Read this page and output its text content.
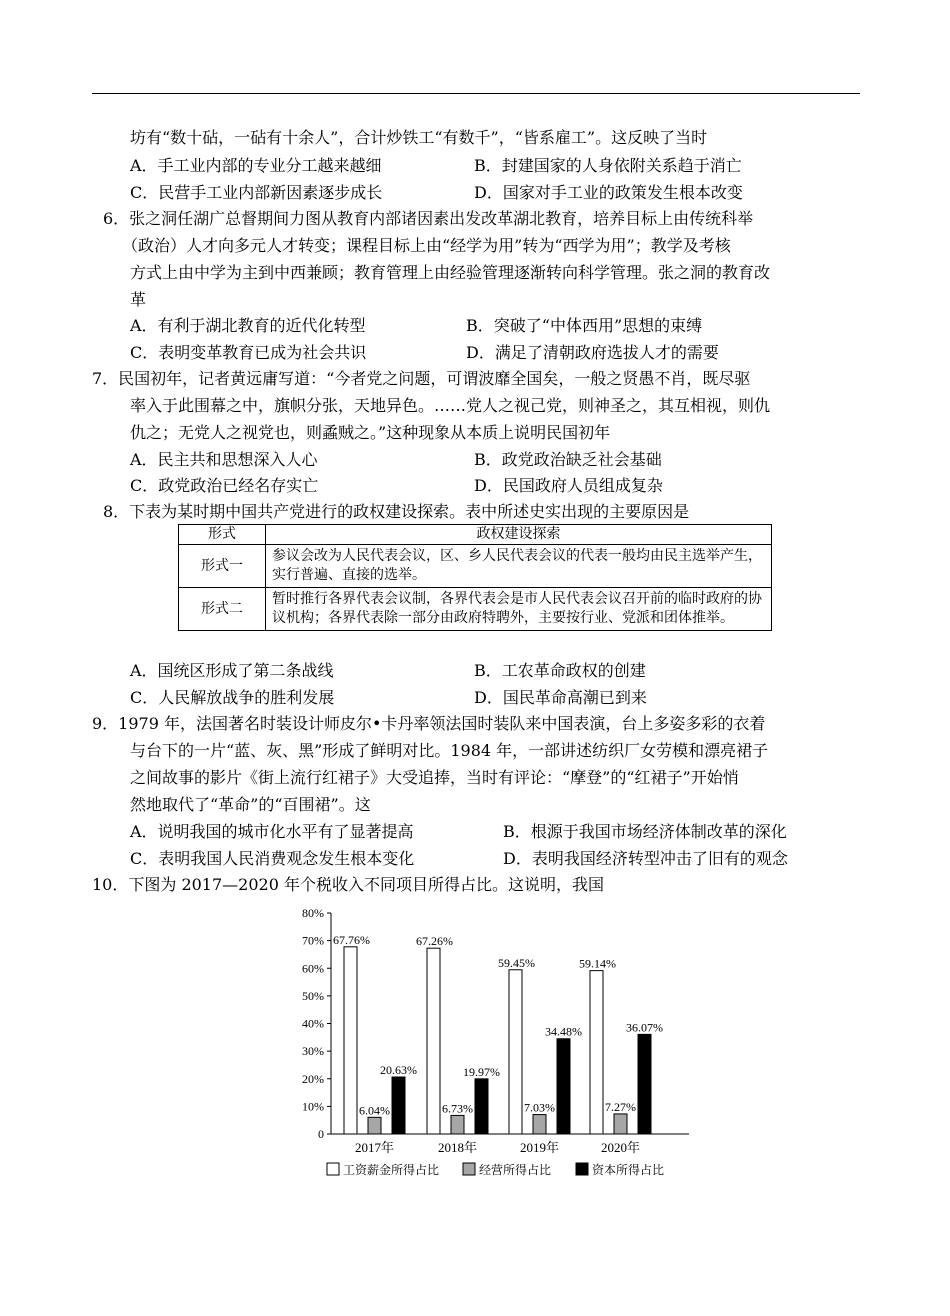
坊有“数十砧，一砧有十余人”，合计炒铁工“有数千”，“皆系雇工”。这反映了当时
A．手工业内部的专业分工越来越细	B．封建国家的人身依附关系趋于消亡
C．民营手工业内部新因素逐步成长	D．国家对手工业的政策发生根本改变
6．张之洞任湖广总督期间力图从教育内部诸因素出发改革湖北教育，培养目标上由传统科举
（政治）人才向多元人才转变；课程目标上由“经学为用”转为“西学为用”；教学及考核
方式上由中学为主到中西兼顾；教育管理上由经验管理逐渐转向科学管理。张之洞的教育改
革
A．有利于湖北教育的近代化转型	B．突破了“中体西用”思想的束缚
C．表明变革教育已成为社会共识	D．满足了清朝政府选拔人才的需要
7．民国初年，记者黄远庸写道：“今者党之问题，可谓波靡全国矣，一般之贤愚不肖，既尽驱
率入于此围幕之中，旗帜分张，天地异色。……党人之视己党，则神圣之，其互相视，则仇
仇之；无党人之视党也，则蟊贼之。”这种现象从本质上说明民国初年
A．民主共和思想深入人心	B．政党政治缺乏社会基础
C．政党政治已经名存实亡	D．民国政府人员组成复杂
8．下表为某时期中国共产党进行的政权建设探索。表中所述史实出现的主要原因是
形式	政权建设探索
形式一	参议会改为人民代表会议，区、乡人民代表会议的代表一般均由民主选举产生，实行普遍、直接的选举。
形式二	暂时推行各界代表会议制，各界代表会是市人民代表会议召开前的临时政府的协议机构；各界代表除一部分由政府特聘外，主要按行业、党派和团体推举。
A．国统区形成了第二条战线	B．工农革命政权的创建
C．人民解放战争的胜利发展	D．国民革命高潮已到来
9．1979 年，法国著名时装设计师皮尔•卡丹率领法国时装队来中国表演，台上多姿多彩的衣着
与台下的一片“蓝、灰、黑”形成了鲜明对比。1984 年，一部讲述纺织厂女劳模和漂亮裙子
之间故事的影片《街上流行红裙子》大受追捧，当时有评论：“摩登”的“红裙子”开始悄
然地取代了“革命”的“百围裙”。这
A．说明我国的城市化水平有了显著提高	B．根源于我国市场经济体制改革的深化
C．表明我国人民消费观念发生根本变化	D．表明我国经济转型冲击了旧有的观念
10．下图为 2017—2020 年个税收入不同项目所得占比。这说明，我国
0
10%
20%
30%
40%
50%
60%
70%
80%
67.76%
6.04%
20.63%
2017年
67.26%
6.73%
19.97%
2018年
59.45%
7.03%
34.48%
2019年
59.14%
7.27%
36.07%
2020年
工资薪金所得占比	经营所得占比	资本所得占比
